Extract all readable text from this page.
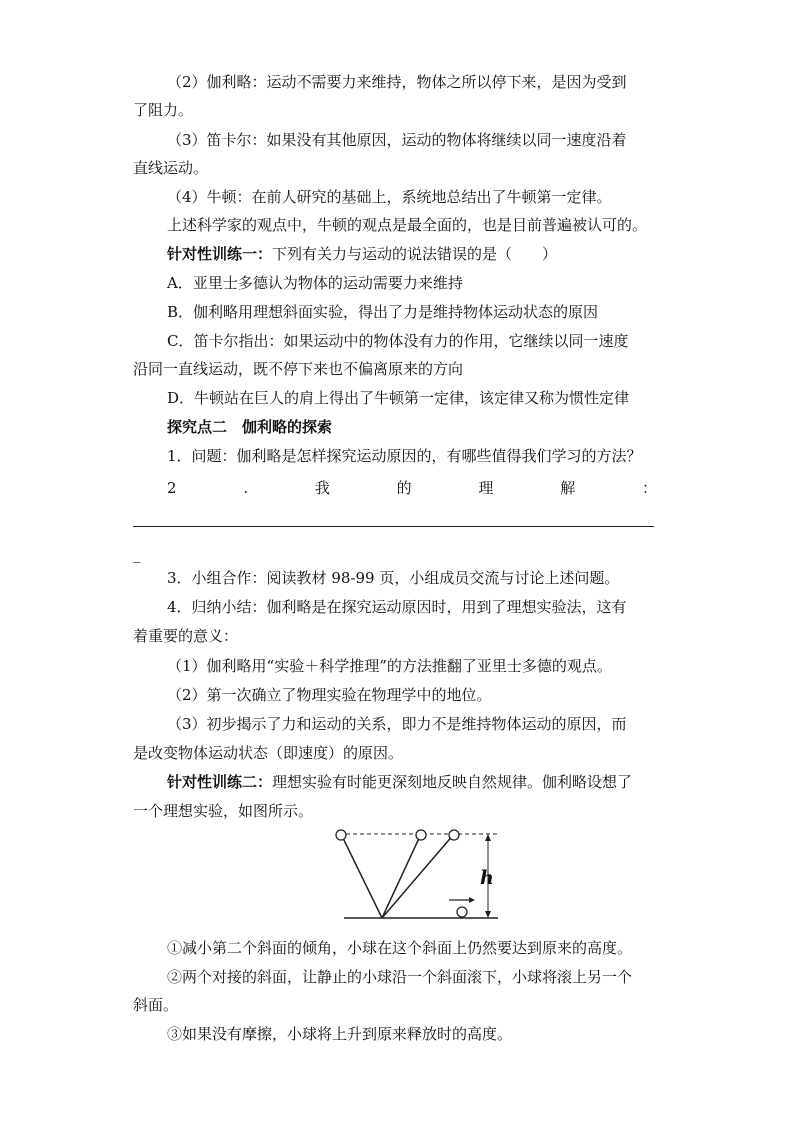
（2）伽利略：运动不需要力来维持，物体之所以停下来，是因为受到
了阻力。
（3）笛卡尔：如果没有其他原因，运动的物体将继续以同一速度沿着
直线运动。
（4）牛顿：在前人研究的基础上，系统地总结出了牛顿第一定律。
上述科学家的观点中，牛顿的观点是最全面的，也是目前普遍被认可的。
针对性训练一：下列有关力与运动的说法错误的是（　　）
A．亚里士多德认为物体的运动需要力来维持
B．伽利略用理想斜面实验，得出了力是维持物体运动状态的原因
C．笛卡尔指出：如果运动中的物体没有力的作用，它继续以同一速度
沿同一直线运动，既不停下来也不偏离原来的方向
D．牛顿站在巨人的肩上得出了牛顿第一定律，该定律又称为惯性定律
探究点二　伽利略的探索
1．问题：伽利略是怎样探究运动原因的，有哪些值得我们学习的方法？
2	.	我	的	理	解	：
_
3．小组合作：阅读教材 98-99 页，小组成员交流与讨论上述问题。
4．归纳小结：伽利略是在探究运动原因时，用到了理想实验法，这有
着重要的意义：
（1）伽利略用“实验＋科学推理”的方法推翻了亚里士多德的观点。
（2）第一次确立了物理实验在物理学中的地位。
（3）初步揭示了力和运动的关系，即力不是维持物体运动的原因，而
是改变物体运动状态（即速度）的原因。
针对性训练二：理想实验有时能更深刻地反映自然规律。伽利略设想了
一个理想实验，如图所示。
h
①减小第二个斜面的倾角，小球在这个斜面上仍然要达到原来的高度。
②两个对接的斜面，让静止的小球沿一个斜面滚下，小球将滚上另一个
斜面。
③如果没有摩擦，小球将上升到原来释放时的高度。
